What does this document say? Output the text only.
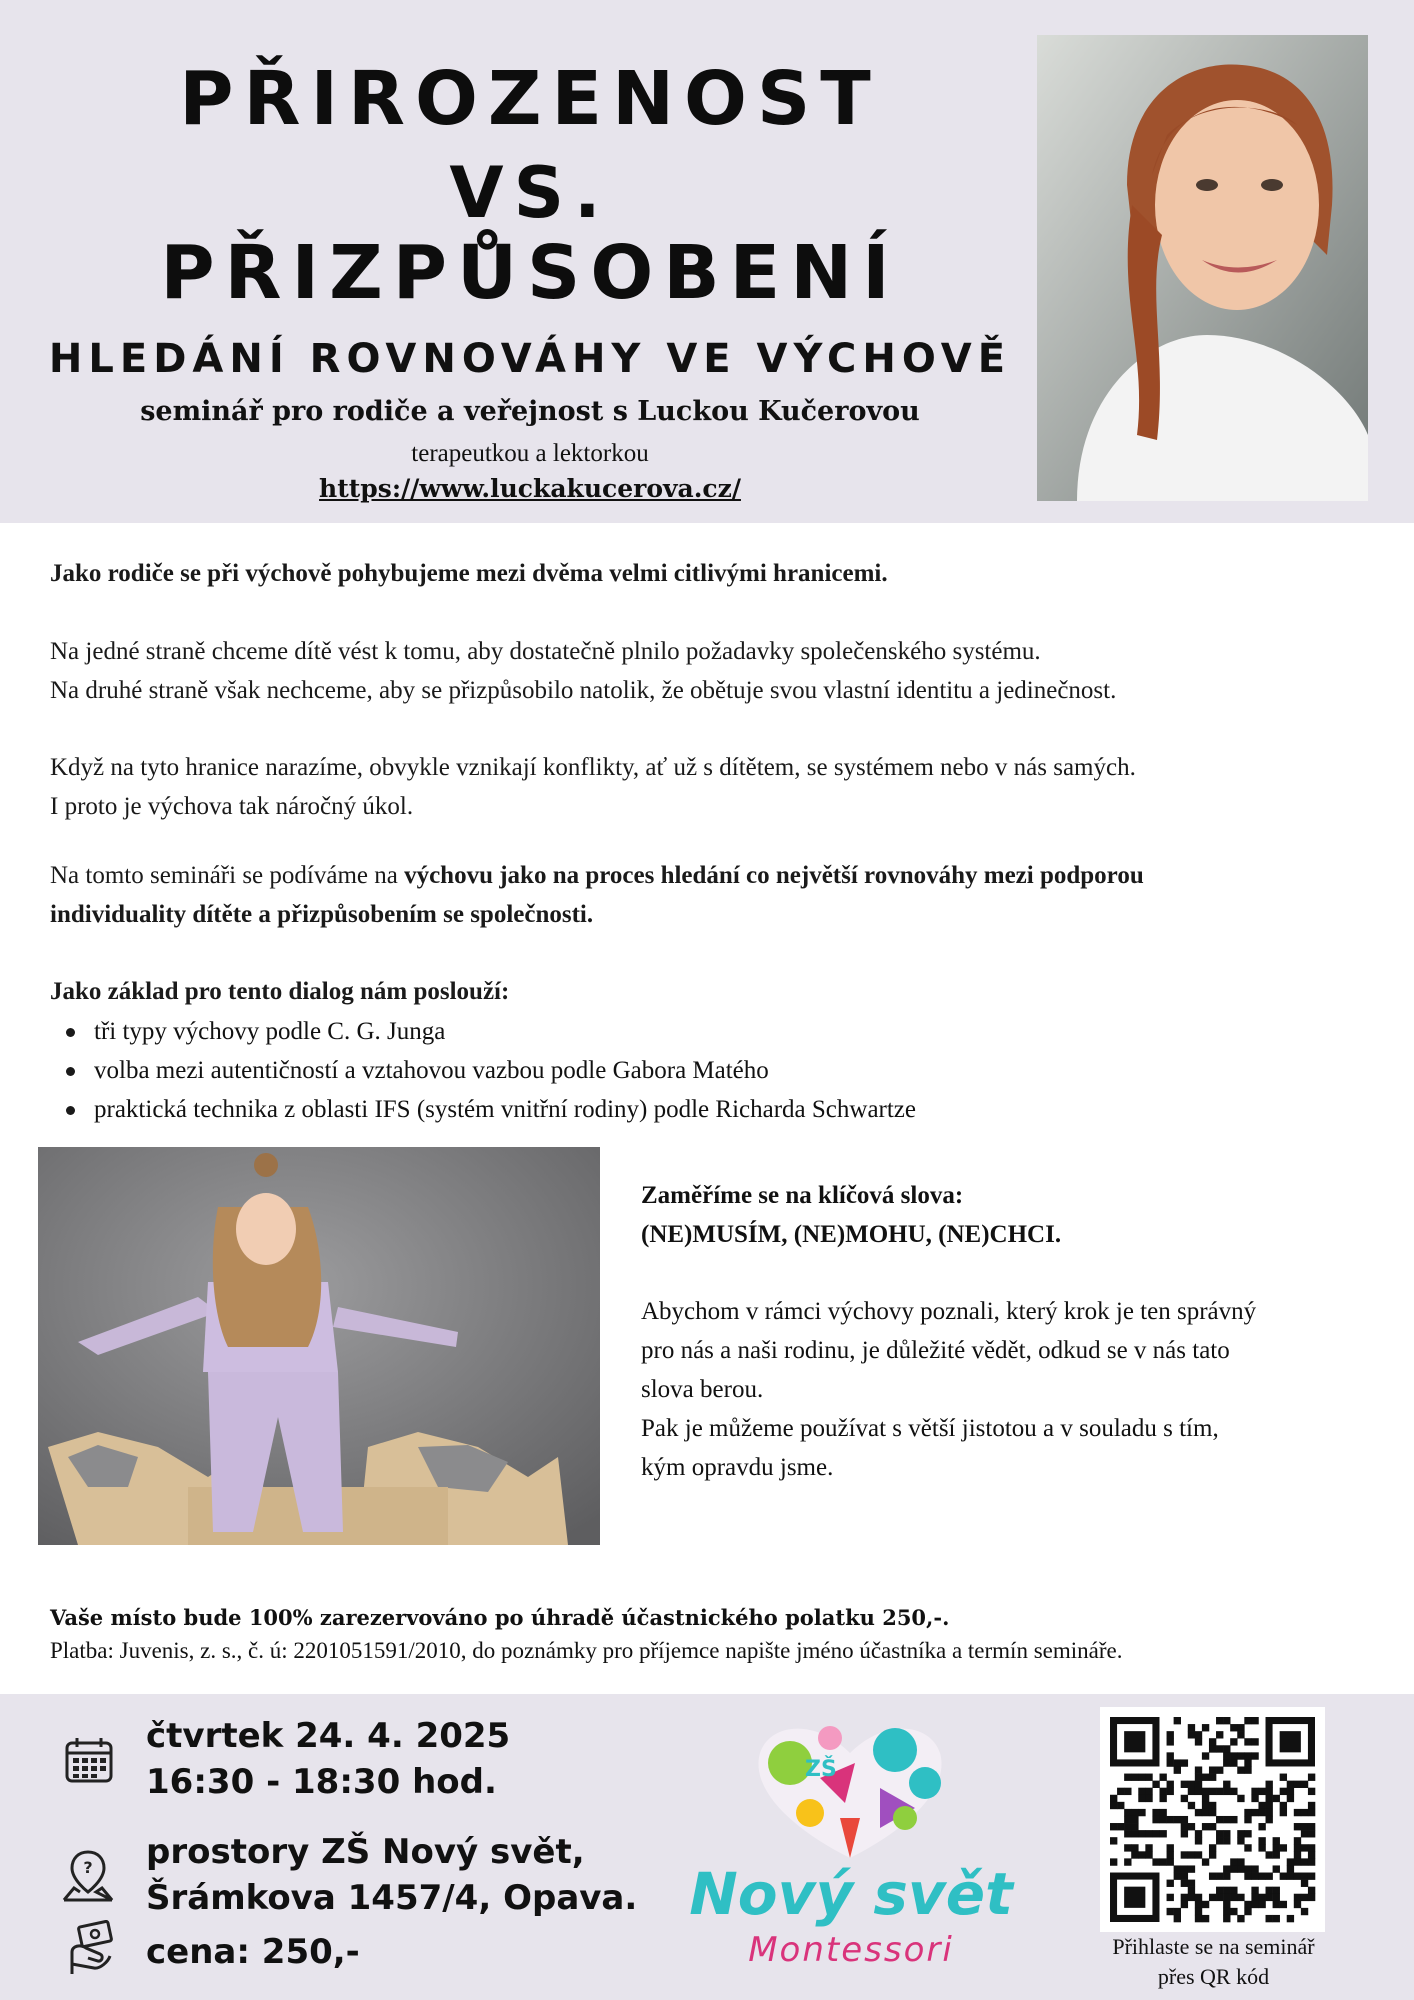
PŘIROZENOST
VS.
PŘIZPŮSOBENÍ
HLEDÁNÍ ROVNOVÁHY VE VÝCHOVĚ
seminář pro rodiče a veřejnost s Luckou Kučerovou
terapeutkou a lektorkou
https://www.luckakucerova.cz/
Jako rodiče se při výchově pohybujeme mezi dvěma velmi citlivými hranicemi.
Na jedné straně chceme dítě vést k tomu, aby dostatečně plnilo požadavky společenského systému.
Na druhé straně však nechceme, aby se přizpůsobilo natolik, že obětuje svou vlastní identitu a jedinečnost.
Když na tyto hranice narazíme, obvykle vznikají konflikty, ať už s dítětem, se systémem nebo v nás samých.
I proto je výchova tak náročný úkol.
Na tomto semináři se podíváme na výchovu jako na proces hledání co největší rovnováhy mezi podporou
individuality dítěte a přizpůsobením se společnosti.
Jako základ pro tento dialog nám poslouží:
tři typy výchovy podle C. G. Junga
volba mezi autentičností a vztahovou vazbou podle Gabora Matého
praktická technika z oblasti IFS (systém vnitřní rodiny) podle Richarda Schwartze
Zaměříme se na klíčová slova:
(NE)MUSÍM, (NE)MOHU, (NE)CHCI.
Abychom v rámci výchovy poznali, který krok je ten správný
pro nás a naši rodinu, je důležité vědět, odkud se v nás tato
slova berou.
Pak je můžeme používat s větší jistotou a v souladu s tím,
kým opravdu jsme.
Vaše místo bude 100% zarezervováno po úhradě účastnického polatku 250,-.
Platba: Juvenis, z. s., č. ú: 2201051591/2010, do poznámky pro příjemce napište jméno účastníka a termín semináře.
čtvrtek 24. 4. 2025
16:30 - 18:30 hod.
? prostory ZŠ Nový svět,
Šrámkova 1457/4, Opava.
cena: 250,-
ZŠ
Nový svět
Montessori	Přihlaste se na seminář
přes QR kód
